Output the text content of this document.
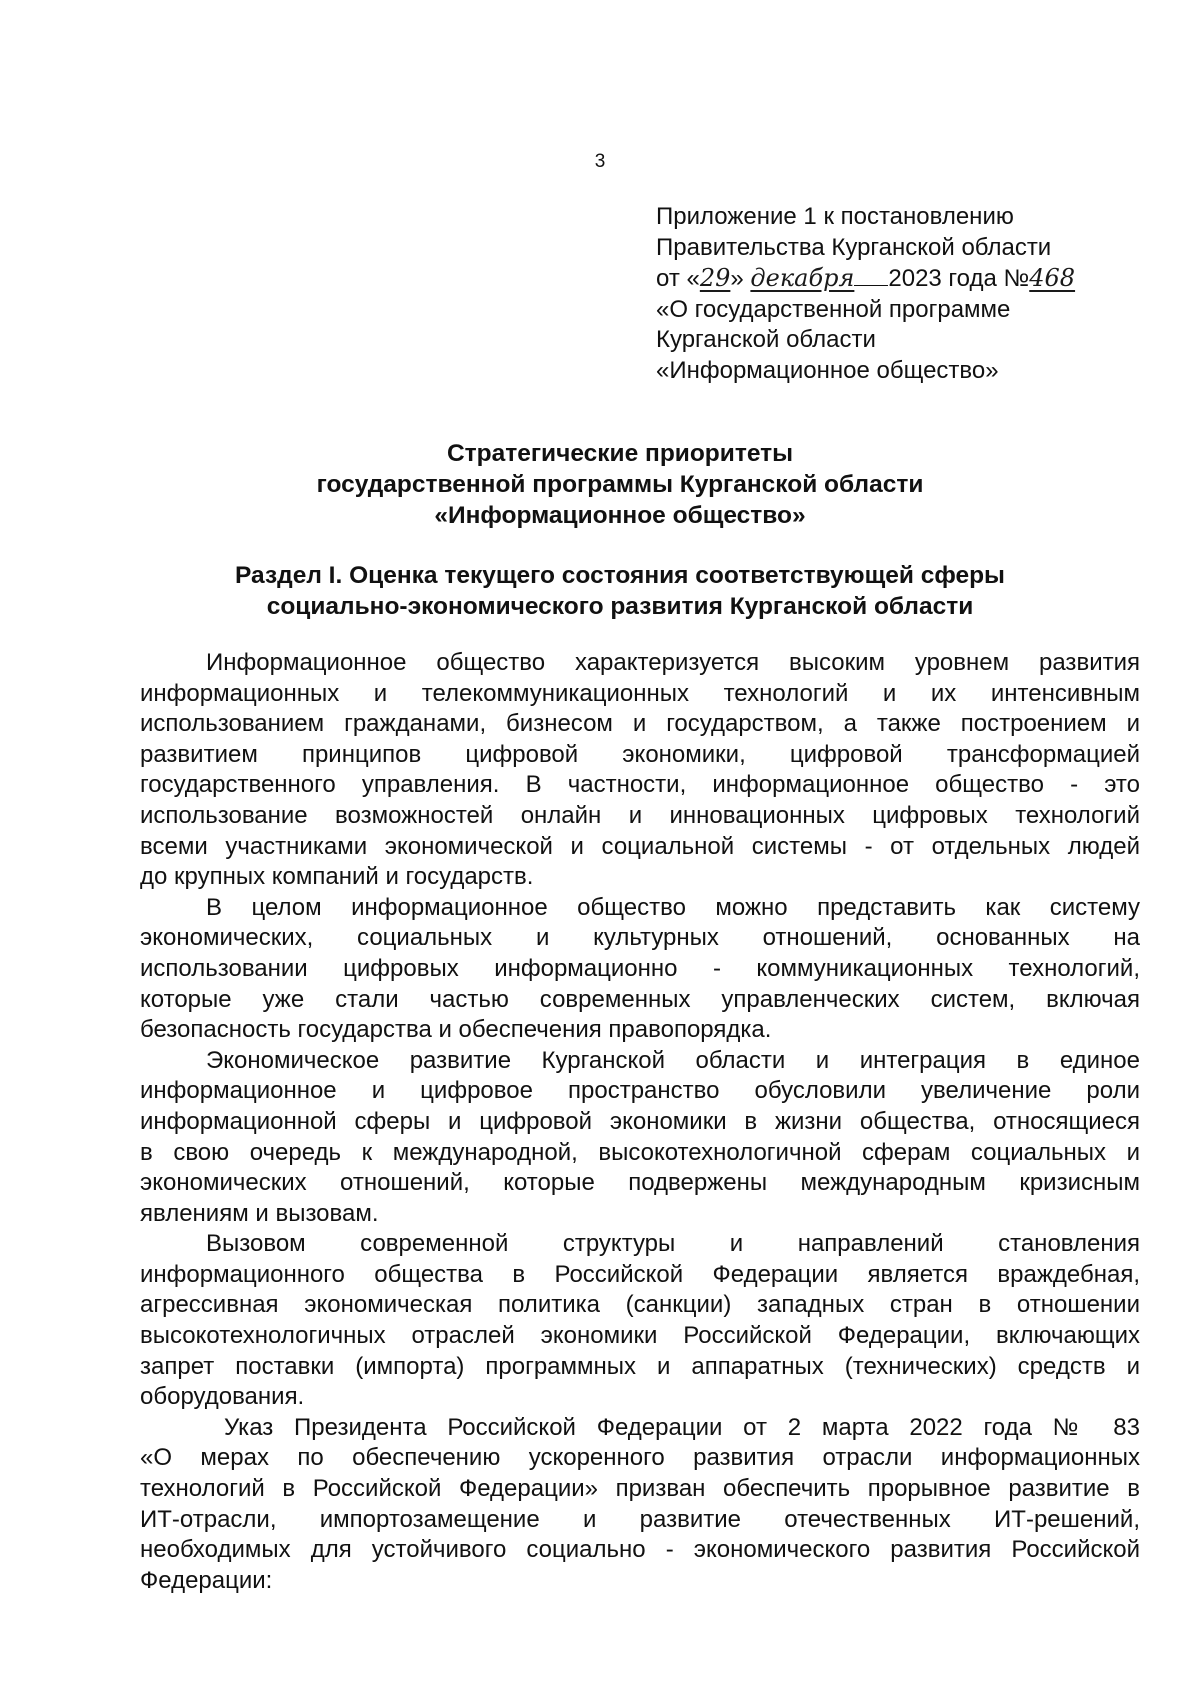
3
Приложение 1 к постановлению
Правительства Курганской области
от «29» декабря 2023 года №468
«О государственной программе
Курганской области
«Информационное общество»
Стратегические приоритеты
государственной программы Курганской области
«Информационное общество»
Раздел I. Оценка текущего состояния соответствующей сферы
социально-экономического развития Курганской области
Информационное общество характеризуется высоким уровнем развития
информационных и телекоммуникационных технологий и их интенсивным
использованием гражданами, бизнесом и государством, а также построением и
развитием принципов цифровой экономики, цифровой трансформацией
государственного управления. В частности, информационное общество - это
использование возможностей онлайн и инновационных цифровых технологий
всеми участниками экономической и социальной системы - от отдельных людей
до крупных компаний и государств.
В целом информационное общество можно представить как систему
экономических, социальных и культурных отношений, основанных на
использовании цифровых информационно - коммуникационных технологий,
которые уже стали частью современных управленческих систем, включая
безопасность государства и обеспечения правопорядка.
Экономическое развитие Курганской области и интеграция в единое
информационное и цифровое пространство обусловили увеличение роли
информационной сферы и цифровой экономики в жизни общества, относящиеся
в свою очередь к международной, высокотехнологичной сферам социальных и
экономических отношений, которые подвержены международным кризисным
явлениям и вызовам.
Вызовом современной структуры и направлений становления
информационного общества в Российской Федерации является враждебная,
агрессивная экономическая политика (санкции) западных стран в отношении
высокотехнологичных отраслей экономики Российской Федерации, включающих
запрет поставки (импорта) программных и аппаратных (технических) средств и
оборудования.
Указ Президента Российской Федерации от 2 марта 2022 года № 83
«О мерах по обеспечению ускоренного развития отрасли информационных
технологий в Российской Федерации» призван обеспечить прорывное развитие в
ИТ-отрасли, импортозамещение и развитие отечественных ИТ-решений,
необходимых для устойчивого социально - экономического развития Российской
Федерации:
